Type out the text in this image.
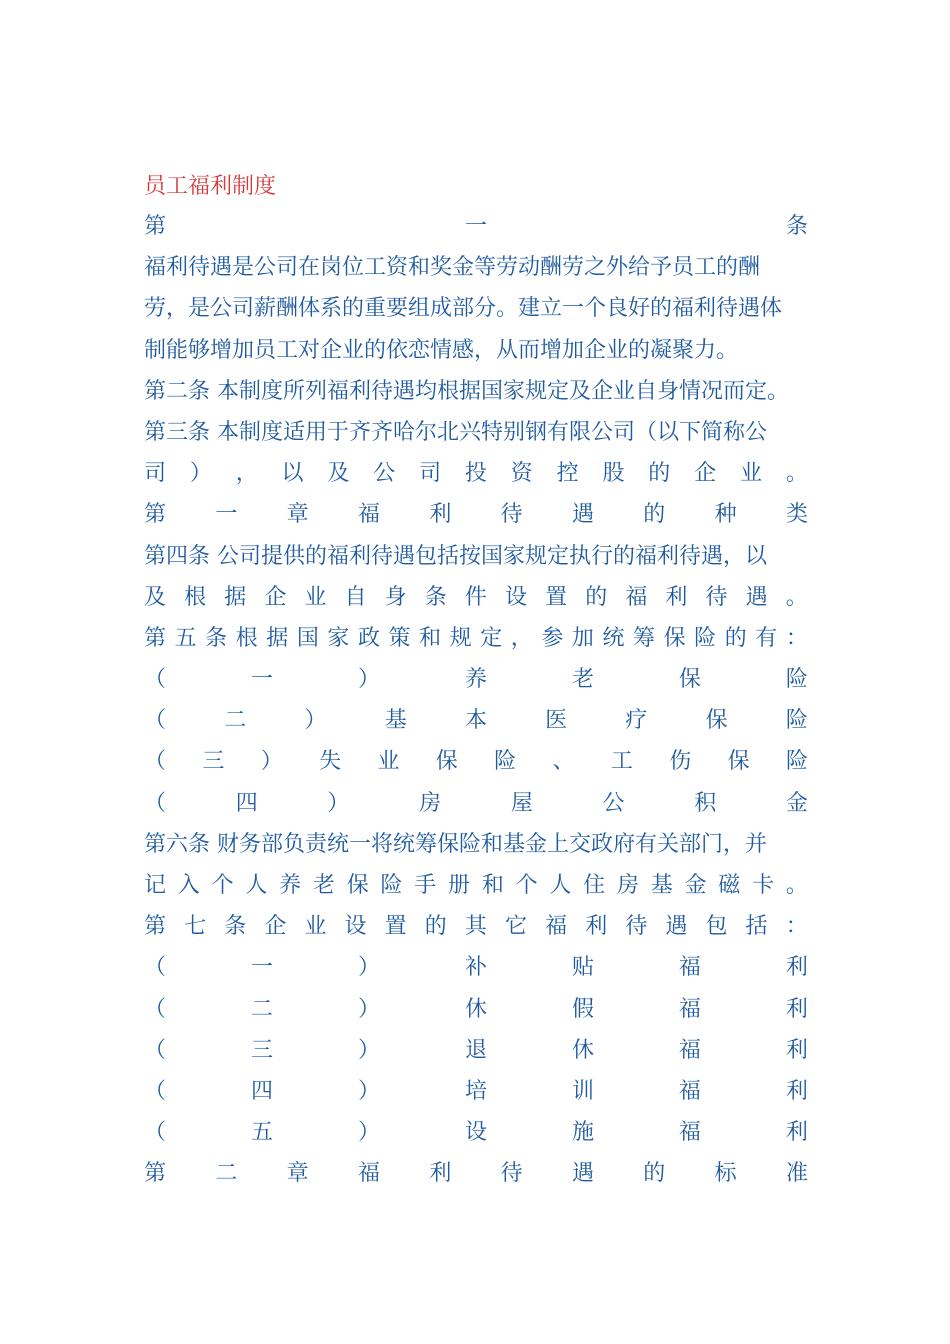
员工福利制度
第	一	条
福利待遇是公司在岗位工资和奖金等劳动酬劳之外给予员工的酬
劳，是公司薪酬体系的重要组成部分。建立一个良好的福利待遇体
制能够增加员工对企业的依恋情感，从而增加企业的凝聚力。
第二条 本制度所列福利待遇均根据国家规定及企业自身情况而定。
第三条 本制度适用于齐齐哈尔北兴特别钢有限公司（以下简称公
司 ） ， 以 及 公 司 投 资 控 股 的 企 业 。
第 一 章 福 利 待 遇 的 种 类
第四条 公司提供的福利待遇包括按国家规定执行的福利待遇，以
及 根 据 企 业 自 身 条 件 设 置 的 福 利 待 遇 。
第 五 条 根 据 国 家 政 策 和 规 定 ， 参 加 统 筹 保 险 的 有 ：
（	一	）	养	老	保	险
（	二	）	基	本	医	疗	保	险
（ 三 ） 失 业 保 险 、 工 伤 保 险
（	四	）	房	屋	公	积	金
第六条 财务部负责统一将统筹保险和基金上交政府有关部门，并
记 入 个 人 养 老 保 险 手 册 和 个 人 住 房 基 金 磁 卡 。
第 七 条 企 业 设 置 的 其 它 福 利 待 遇 包 括 ：
（	一	）	补	贴	福	利
（	二	）	休	假	福	利
（	三	）	退	休	福	利
（	四	）	培	训	福	利
（	五	）	设	施	福	利
第 二 章 福 利 待 遇 的 标 准
